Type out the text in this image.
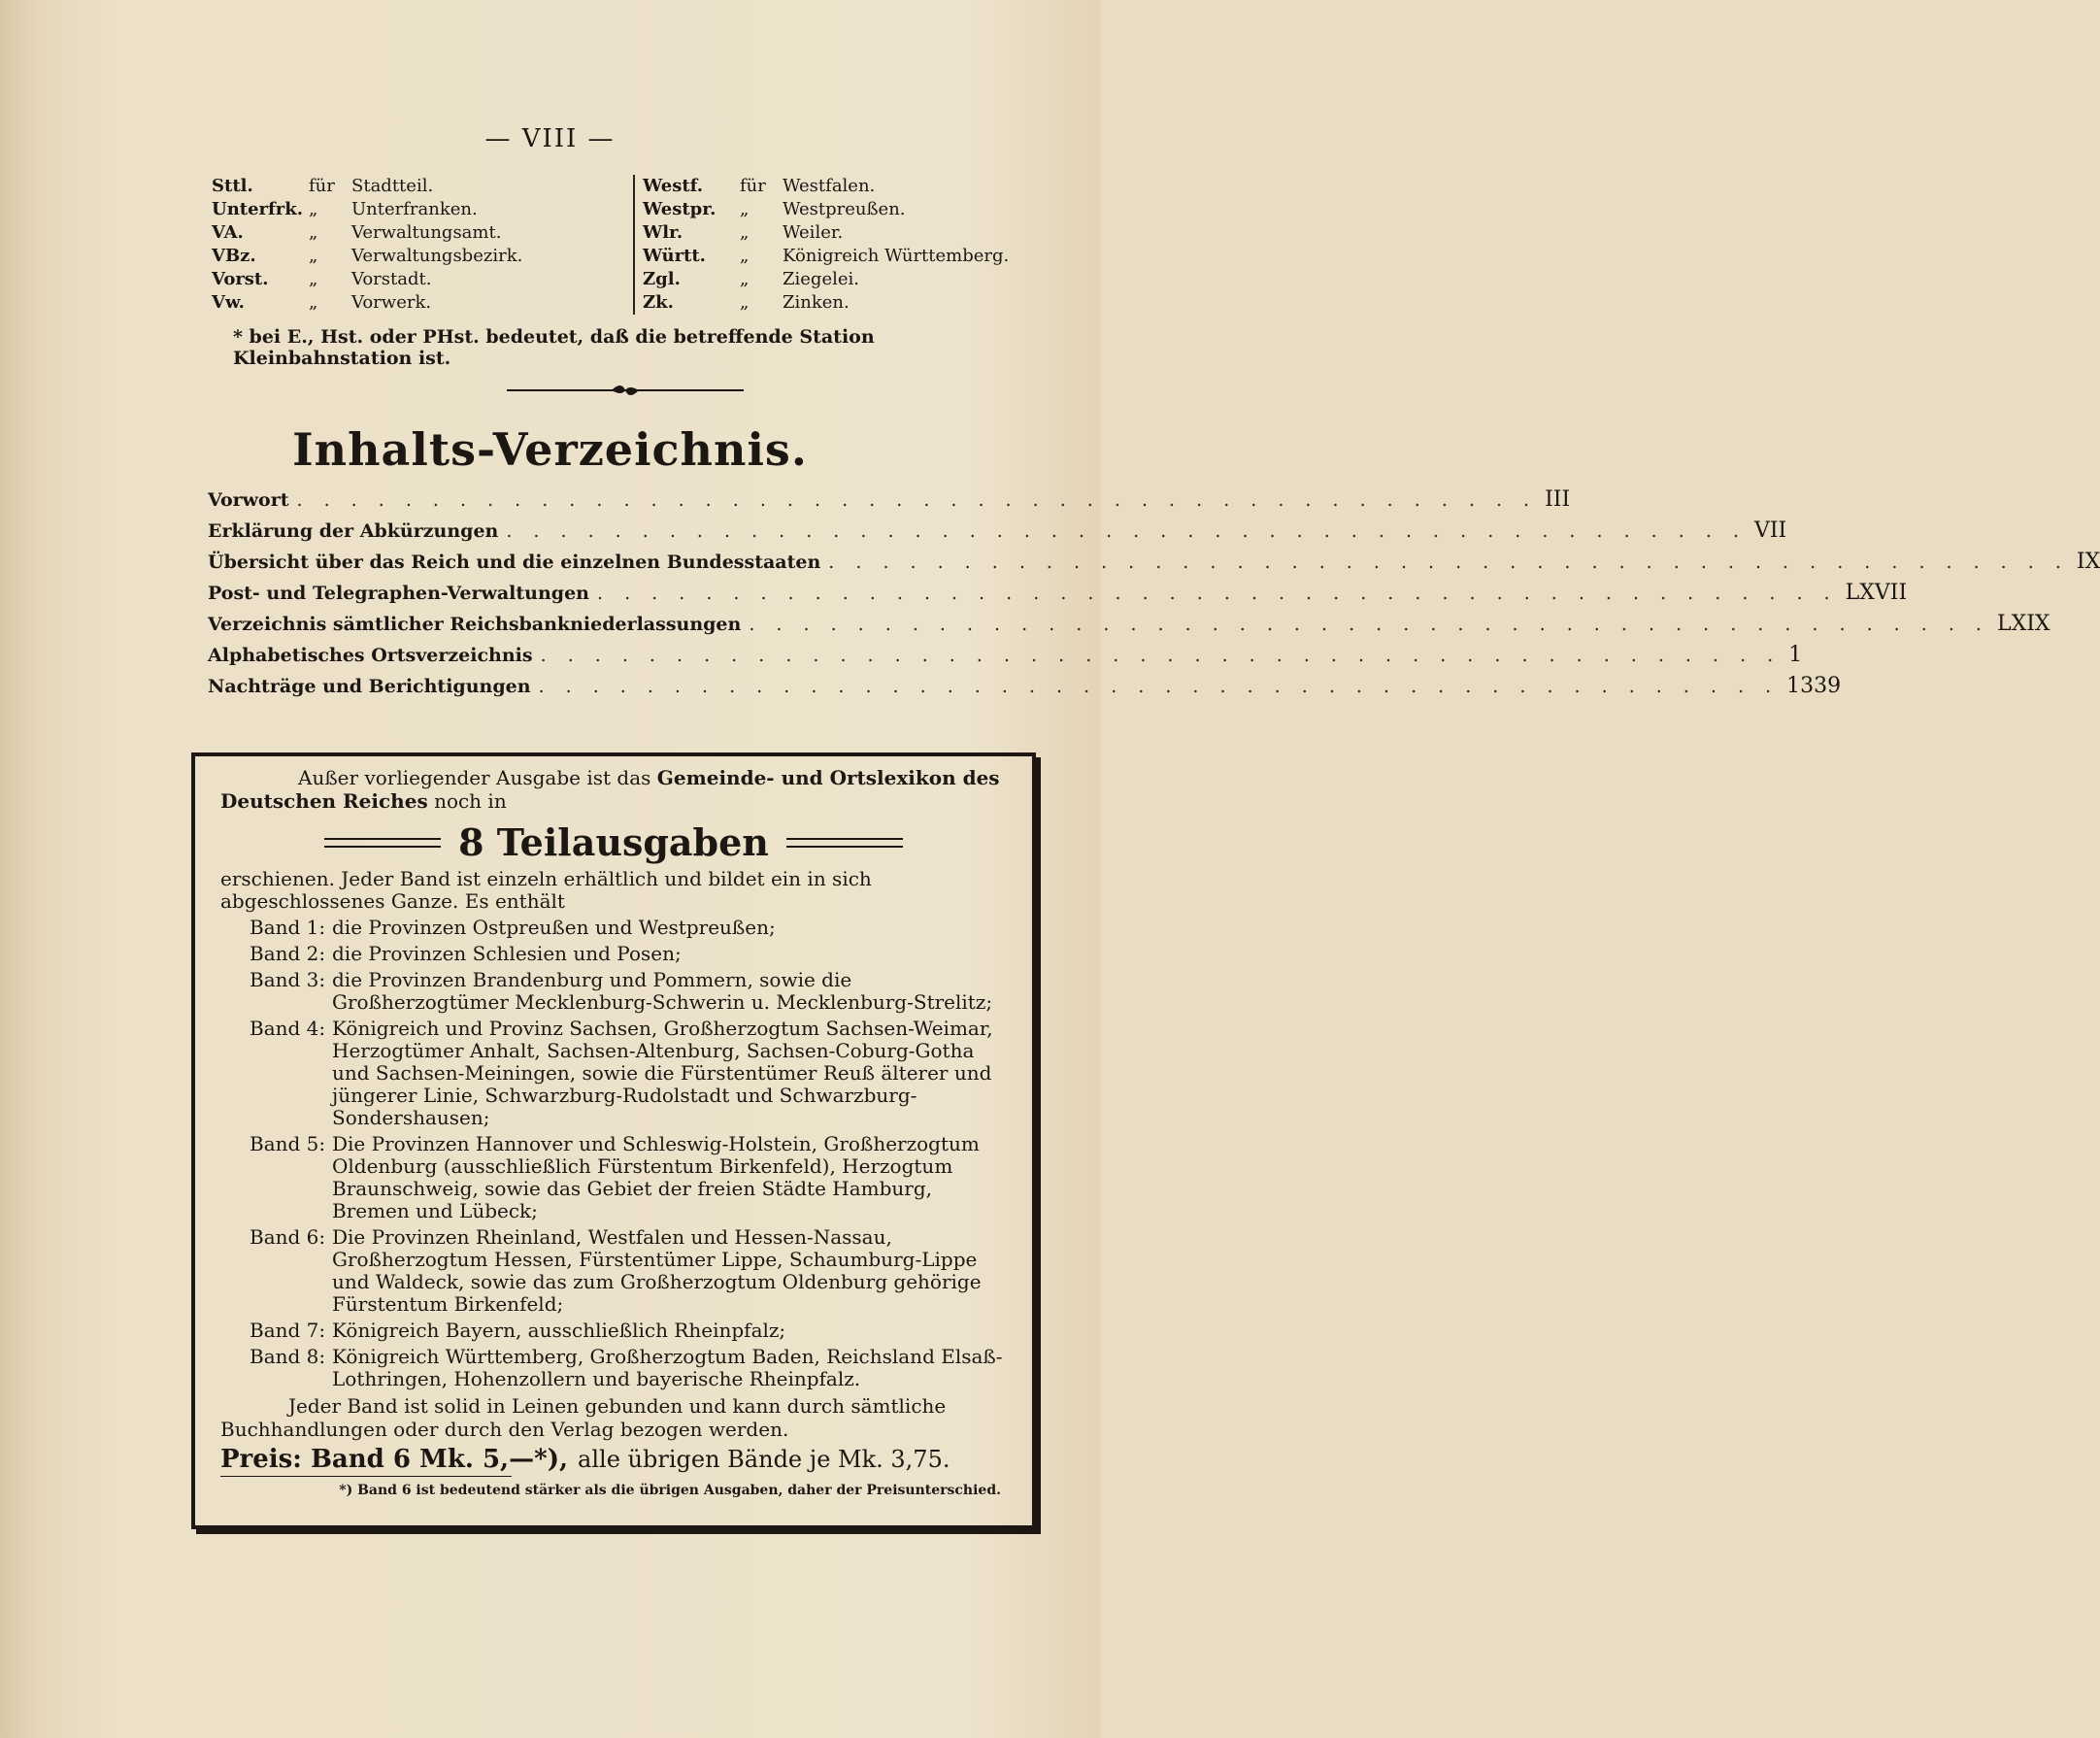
— VIII —
Sttl.	für Stadtteil.
Unterfrk. „	Unterfranken.
VA.	„	Verwaltungsamt.
VBz.	„	Verwaltungsbezirk.
Vorst.	„	Vorstadt.
Vw.	„	Vorwerk.
Westf.	für Westfalen.
Westpr.	„	Westpreußen.
Wlr.	„	Weiler.
Württ.	„	Königreich Württemberg.
Zgl.	„	Ziegelei.
Zk.	„	Zinken.
* bei E., Hst. oder PHst. bedeutet, daß die betreffende Station Kleinbahnstation ist.
Inhalts-Verzeichnis.
Vorwort . . . . . . . . . . . . . . . . . . . . . . . . . . . . . . . . . . . . . . . . . . . . . . III
Erklärung der Abkürzungen . . . . . . . . . . . . . . . . . . . . . . . . . . . . . . . . . . . . . . . . . . . . . . VII
Übersicht über das Reich und die einzelnen Bundesstaaten . . . . . . . . . . . . . . . . . . . . . . . . . . . . . . . . . . . . . . . . . . . . . . IX
Post- und Telegraphen-Verwaltungen . . . . . . . . . . . . . . . . . . . . . . . . . . . . . . . . . . . . . . . . . . . . . . LXVII
Verzeichnis sämtlicher Reichsbankniederlassungen . . . . . . . . . . . . . . . . . . . . . . . . . . . . . . . . . . . . . . . . . . . . . . LXIX
Alphabetisches Ortsverzeichnis . . . . . . . . . . . . . . . . . . . . . . . . . . . . . . . . . . . . . . . . . . . . . . 1
Nachträge und Berichtigungen . . . . . . . . . . . . . . . . . . . . . . . . . . . . . . . . . . . . . . . . . . . . . . 1339
Außer vorliegender Ausgabe ist das Gemeinde- und Ortslexikon des Deutschen Reiches noch in
8 Teilausgaben
erschienen. Jeder Band ist einzeln erhältlich und bildet ein in sich abgeschlossenes Ganze. Es enthält
Band 1: die Provinzen Ostpreußen und Westpreußen;
Band 2: die Provinzen Schlesien und Posen;
Band 3: die Provinzen Brandenburg und Pommern, sowie die Großherzogtümer Mecklenburg-Schwerin u. Mecklenburg-Strelitz;
Band 4: Königreich und Provinz Sachsen, Großherzogtum Sachsen-Weimar, Herzogtümer Anhalt, Sachsen-Altenburg, Sachsen-Coburg-Gotha und Sachsen-Meiningen, sowie die Fürstentümer Reuß älterer und jüngerer Linie, Schwarzburg-Rudolstadt und Schwarzburg-Sondershausen;
Band 5: Die Provinzen Hannover und Schleswig-Holstein, Großherzogtum Oldenburg (ausschließlich Fürstentum Birkenfeld), Herzogtum Braunschweig, sowie das Gebiet der freien Städte Hamburg, Bremen und Lübeck;
Band 6: Die Provinzen Rheinland, Westfalen und Hessen-Nassau, Großherzogtum Hessen, Fürstentümer Lippe, Schaumburg-Lippe und Waldeck, sowie das zum Großherzogtum Oldenburg gehörige Fürstentum Birkenfeld;
Band 7: Königreich Bayern, ausschließlich Rheinpfalz;
Band 8: Königreich Württemberg, Großherzogtum Baden, Reichsland Elsaß-Lothringen, Hohenzollern und bayerische Rheinpfalz.
Jeder Band ist solid in Leinen gebunden und kann durch sämtliche Buchhandlungen oder durch den Verlag bezogen werden.
Preis: Band 6 Mk. 5,—*), alle übrigen Bände je Mk. 3,75.
*) Band 6 ist bedeutend stärker als die übrigen Ausgaben, daher der Preisunterschied.
